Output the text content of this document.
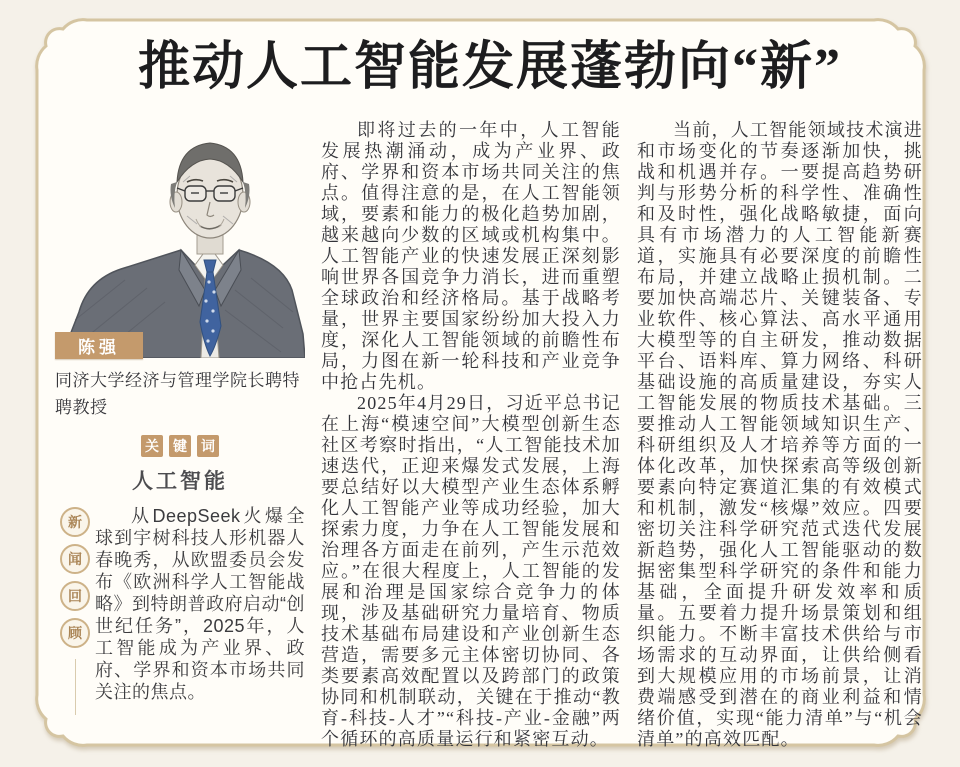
推动人工智能发展蓬勃向“新”
陈强
同济大学经济与管理学院长聘特聘教授
关 键 词
人工智能
新
闻
回
顾

从DeepSeek火爆全球到宇树科技人形机器人春晚秀，从欧盟委员会发布《欧洲科学人工智能战略》到特朗普政府启动“创世纪任务”，2025年，人工智能成为产业界、政府、学界和资本市场共同关注的焦点。

即将过去的一年中，人工智能发展热潮涌动，成为产业界、政府、学界和资本市场共同关注的焦点。值得注意的是，在人工智能领域，要素和能力的极化趋势加剧，越来越向少数的区域或机构集中。人工智能产业的快速发展正深刻影响世界各国竞争力消长，进而重塑全球政治和经济格局。基于战略考量，世界主要国家纷纷加大投入力度，深化人工智能领域的前瞻性布局，力图在新一轮科技和产业竞争中抢占先机。

2025年4月29日，习近平总书记在上海“模速空间”大模型创新生态社区考察时指出，“人工智能技术加速迭代，正迎来爆发式发展，上海要总结好以大模型产业生态体系孵化人工智能产业等成功经验，加大探索力度，力争在人工智能发展和治理各方面走在前列，产生示范效应。”在很大程度上，人工智能的发展和治理是国家综合竞争力的体现，涉及基础研究力量培育、物质技术基础布局建设和产业创新生态营造，需要多元主体密切协同、各类要素高效配置以及跨部门的政策协同和机制联动，关键在于推动“教育-科技-人才”“科技-产业-金融”两个循环的高质量运行和紧密互动。

当前，人工智能领域技术演进和市场变化的节奏逐渐加快，挑战和机遇并存。一要提高趋势研判与形势分析的科学性、准确性和及时性，强化战略敏捷，面向具有市场潜力的人工智能新赛道，实施具有必要深度的前瞻性布局，并建立战略止损机制。二要加快高端芯片、关键装备、专业软件、核心算法、高水平通用大模型等的自主研发，推动数据平台、语料库、算力网络、科研基础设施的高质量建设，夯实人工智能发展的物质技术基础。三要推动人工智能领域知识生产、科研组织及人才培养等方面的一体化改革，加快探索高等级创新要素向特定赛道汇集的有效模式和机制，激发“核爆”效应。四要密切关注科学研究范式迭代发展新趋势，强化人工智能驱动的数据密集型科学研究的条件和能力基础，全面提升研发效率和质量。五要着力提升场景策划和组织能力。不断丰富技术供给与市场需求的互动界面，让供给侧看到大规模应用的市场前景，让消费端感受到潜在的商业利益和情绪价值，实现“能力清单”与“机会清单”的高效匹配。
